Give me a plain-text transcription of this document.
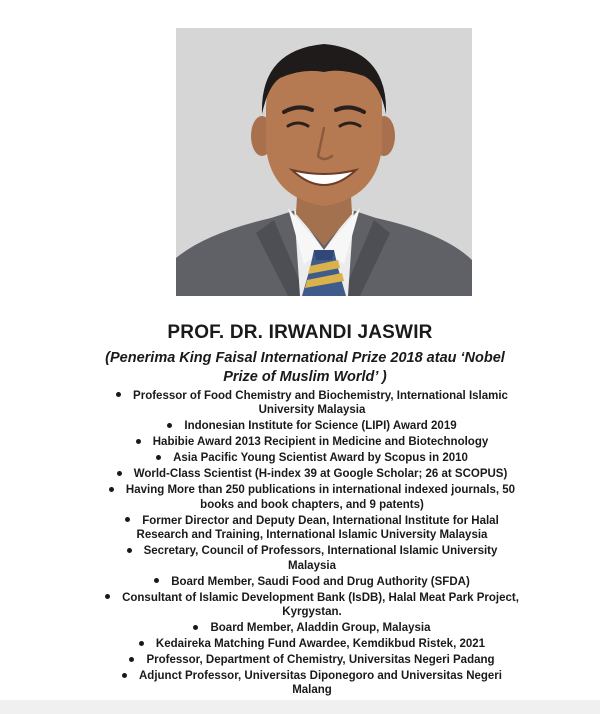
PROF. DR. IRWANDI JASWIR

(Penerima King Faisal International Prize 2018 atau ‘Nobel Prize of Muslim World’ )

Professor of Food Chemistry and Biochemistry, International Islamic University Malaysia
Indonesian Institute for Science (LIPI) Award 2019
Habibie Award 2013 Recipient in Medicine and Biotechnology
Asia Pacific Young Scientist Award by Scopus in 2010
World-Class Scientist (H-index 39 at Google Scholar; 26 at SCOPUS)
Having More than 250 publications in international indexed journals, 50 books and book chapters, and 9 patents)
Former Director and Deputy Dean, International Institute for Halal Research and Training, International Islamic University Malaysia
Secretary, Council of Professors, International Islamic University Malaysia
Board Member, Saudi Food and Drug Authority (SFDA)
Consultant of Islamic Development Bank (IsDB), Halal Meat Park Project, Kyrgystan.
Board Member, Aladdin Group, Malaysia
Kedaireka Matching Fund Awardee, Kemdikbud Ristek, 2021
Professor, Department of Chemistry, Universitas Negeri Padang
Adjunct Professor, Universitas Diponegoro and Universitas Negeri Malang
